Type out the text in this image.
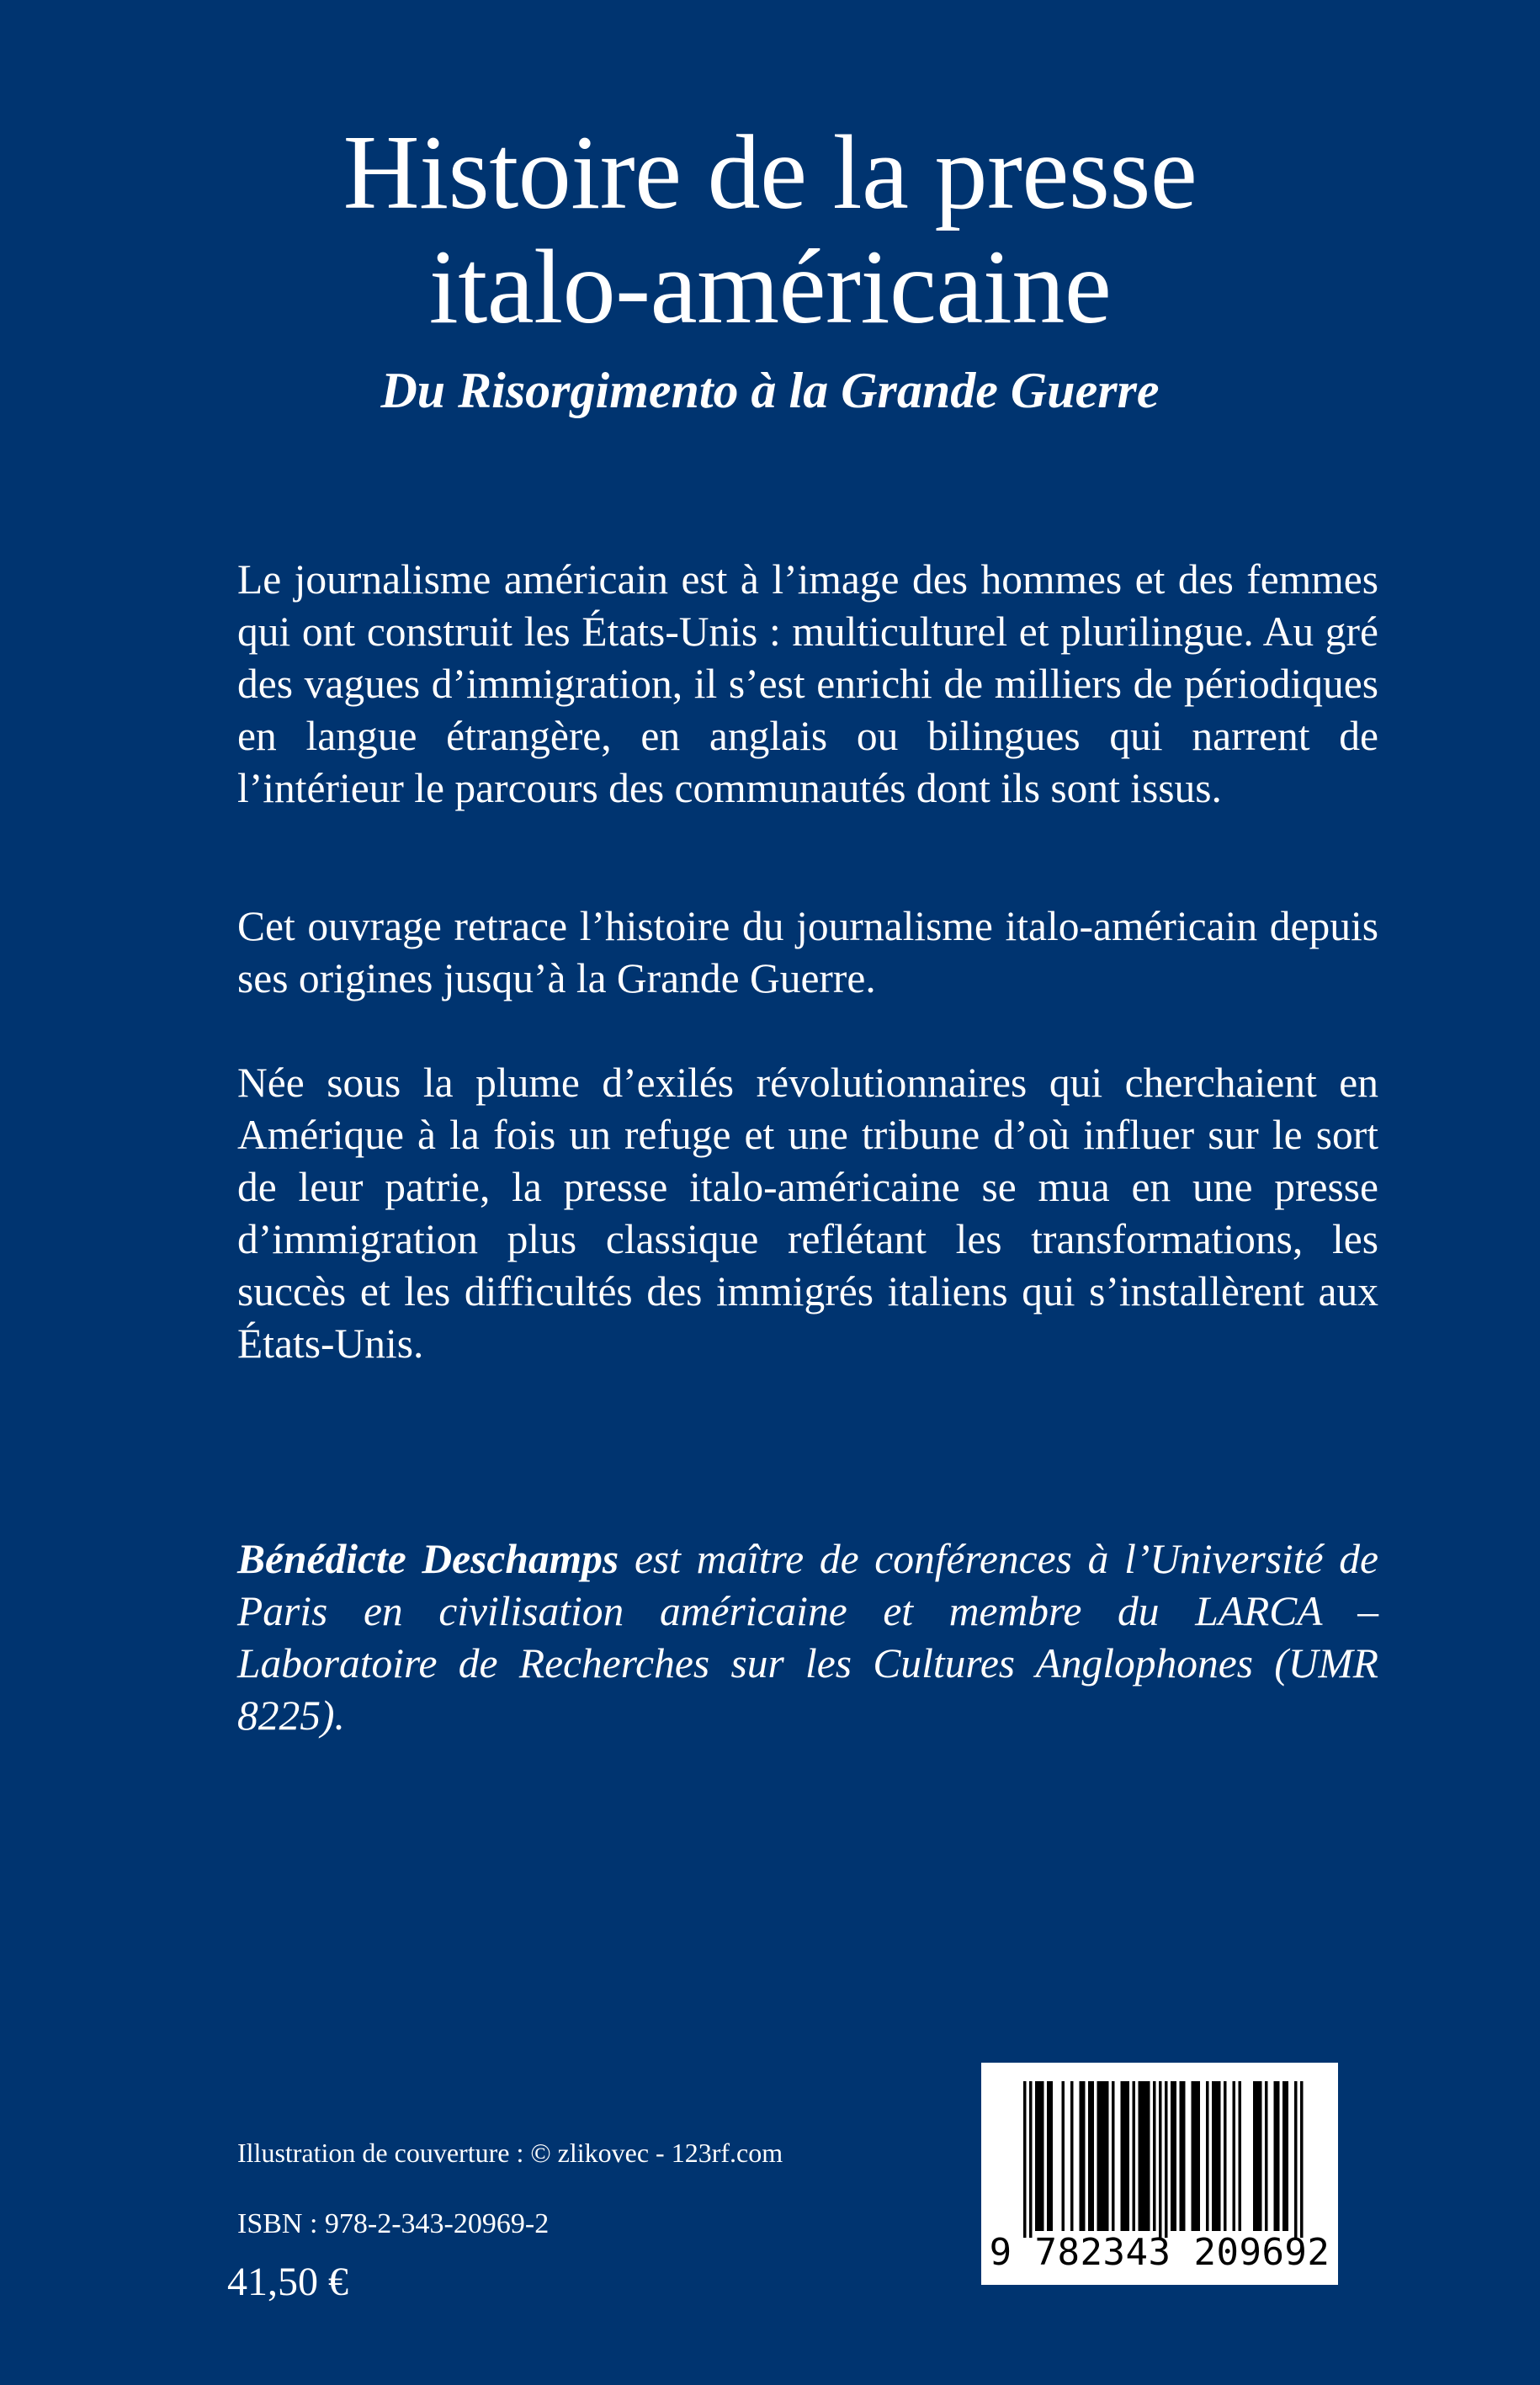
Histoire de la presse
italo-américaine
Du Risorgimento à la Grande Guerre
Le journalisme américain est à l’image des hommes et des femmes qui ont construit les États-Unis : multiculturel et plurilingue. Au gré des vagues d’immigration, il s’est enrichi de milliers de périodiques en langue étrangère, en anglais ou bilingues qui narrent de l’intérieur le parcours des communautés dont ils sont issus.
Cet ouvrage retrace l’histoire du journalisme italo-américain depuis ses origines jusqu’à la Grande Guerre.
Née sous la plume d’exilés révolutionnaires qui cherchaient en Amérique à la fois un refuge et une tribune d’où influer sur le sort de leur patrie, la presse italo-américaine se mua en une presse d’immigration plus classique reflétant les transformations, les succès et les difficultés des immigrés italiens qui s’installèrent aux États-Unis.
Bénédicte Deschamps est maître de conférences à l’Université de Paris en civilisation américaine et membre du LARCA – Laboratoire de Recherches sur les Cultures Anglophones (UMR 8225).
Illustration de couverture : © zlikovec - 123rf.com
ISBN : 978-2-343-20969-2
41,50 €
9 782343 209692
